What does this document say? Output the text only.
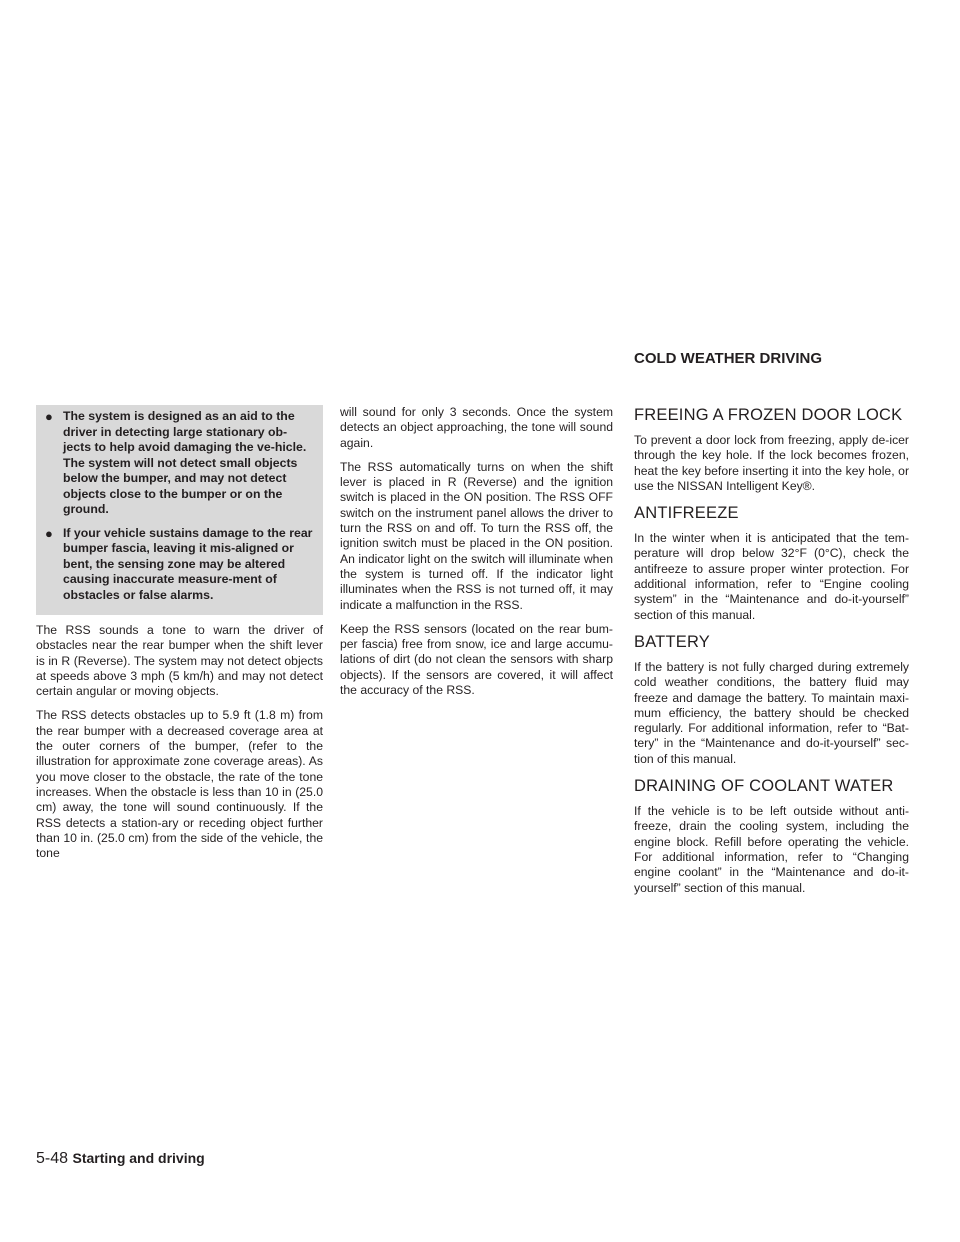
COLD WEATHER DRIVING
● The system is designed as an aid to the driver in detecting large stationary ob-jects to help avoid damaging the ve-hicle. The system will not detect small objects below the bumper, and may not detect objects close to the bumper or on the ground.
● If your vehicle sustains damage to the rear bumper fascia, leaving it mis-aligned or bent, the sensing zone may be altered causing inaccurate measure-ment of obstacles or false alarms.

The RSS sounds a tone to warn the driver of obstacles near the rear bumper when the shift lever is in R (Reverse). The system may not detect objects at speeds above 3 mph (5 km/h) and may not detect certain angular or moving objects.

The RSS detects obstacles up to 5.9 ft (1.8 m) from the rear bumper with a decreased coverage area at the outer corners of the bumper, (refer to the illustration for approximate zone coverage areas). As you move closer to the obstacle, the rate of the tone increases. When the obstacle is less than 10 in (25.0 cm) away, the tone will sound continuously. If the RSS detects a station-ary or receding object further than 10 in. (25.0 cm) from the side of the vehicle, the tone

will sound for only 3 seconds. Once the system detects an object approaching, the tone will sound again.

The RSS automatically turns on when the shift lever is placed in R (Reverse) and the ignition switch is placed in the ON position. The RSS OFF switch on the instrument panel allows the driver to turn the RSS on and off. To turn the RSS off, the ignition switch must be placed in the ON position. An indicator light on the switch will illuminate when the system is turned off. If the indicator light illuminates when the RSS is not turned off, it may indicate a malfunction in the RSS.

Keep the RSS sensors (located on the rear bum-per fascia) free from snow, ice and large accumu-lations of dirt (do not clean the sensors with sharp objects). If the sensors are covered, it will affect the accuracy of the RSS.

FREEING A FROZEN DOOR LOCK

To prevent a door lock from freezing, apply de-icer through the key hole. If the lock becomes frozen, heat the key before inserting it into the key hole, or use the NISSAN Intelligent Key®.

ANTIFREEZE

In the winter when it is anticipated that the tem-perature will drop below 32°F (0°C), check the antifreeze to assure proper winter protection. For additional information, refer to “Engine cooling system” in the “Maintenance and do-it-yourself” section of this manual.

BATTERY

If the battery is not fully charged during extremely cold weather conditions, the battery fluid may freeze and damage the battery. To maintain maxi-mum efficiency, the battery should be checked regularly. For additional information, refer to “Bat-tery” in the “Maintenance and do-it-yourself” sec-tion of this manual.

DRAINING OF COOLANT WATER

If the vehicle is to be left outside without anti-freeze, drain the cooling system, including the engine block. Refill before operating the vehicle. For additional information, refer to “Changing engine coolant” in the “Maintenance and do-it-yourself” section of this manual.

5-48 Starting and driving
